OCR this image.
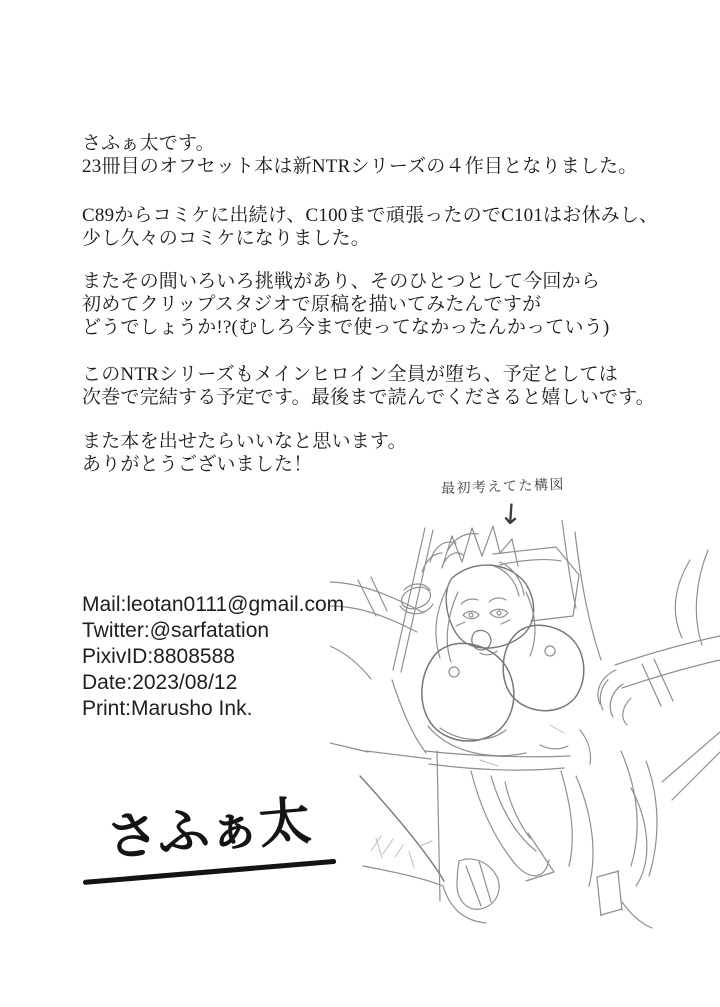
さふぁ太です。
23冊目のオフセット本は新NTRシリーズの４作目となりました。
C89からコミケに出続け、C100まで頑張ったのでC101はお休みし、
少し久々のコミケになりました。
またその間いろいろ挑戦があり、そのひとつとして今回から
初めてクリップスタジオで原稿を描いてみたんですが
どうでしょうか!?(むしろ今まで使ってなかったんかっていう)
このNTRシリーズもメインヒロイン全員が堕ち、予定としては
次巻で完結する予定です。最後まで読んでくださると嬉しいです。
また本を出せたらいいなと思います。
ありがとうございました！
最初考えてた構図
↓
Mail:leotan0111@gmail.com
Twitter:@sarfatation
PixivID:8808588
Date:2023/08/12
Print:Marusho Ink.
さふぁ太
